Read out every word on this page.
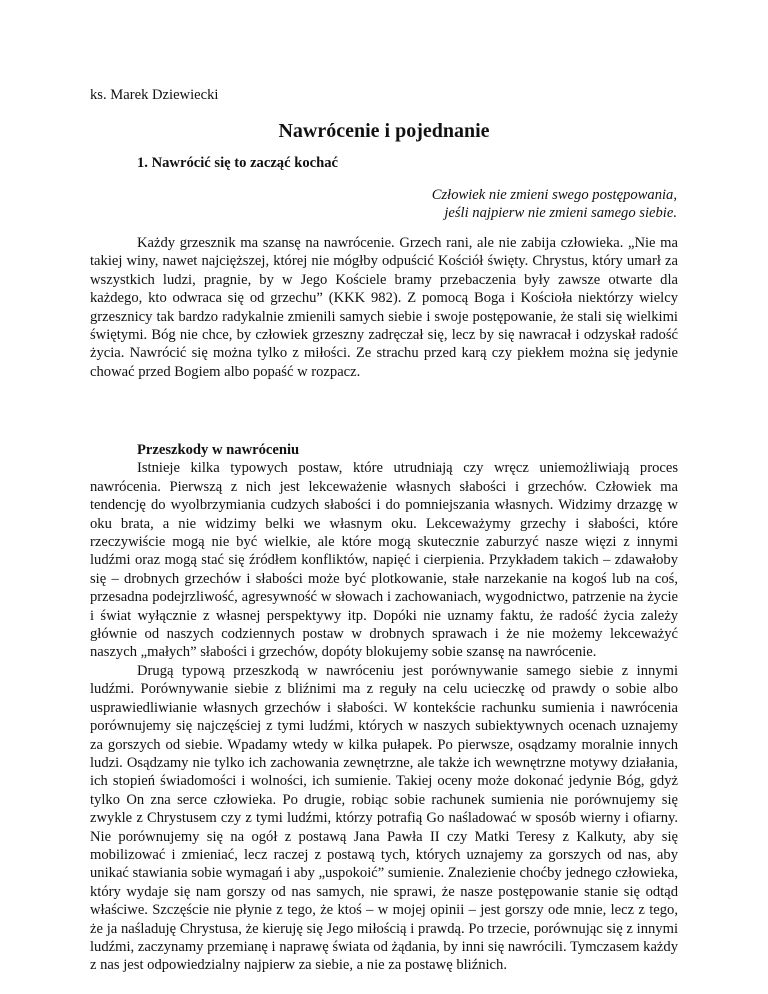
ks. Marek Dziewiecki
Nawrócenie i pojednanie
1. Nawrócić się to zacząć kochać
Człowiek nie zmieni swego postępowania,
jeśli najpierw nie zmieni samego siebie.

Każdy grzesznik ma szansę na nawrócenie. Grzech rani, ale nie zabija człowieka. „Nie ma takiej winy, nawet najcięższej, której nie mógłby odpuścić Kościół święty. Chrystus, który umarł za wszystkich ludzi, pragnie, by w Jego Kościele bramy przebaczenia były zawsze otwarte dla każdego, kto odwraca się od grzechu” (KKK 982). Z pomocą Boga i Kościoła niektórzy wielcy grzesznicy tak bardzo radykalnie zmienili samych siebie i swoje postępowanie, że stali się wielkimi świętymi. Bóg nie chce, by człowiek grzeszny zadręczał się, lecz by się nawracał i odzyskał radość życia. Nawrócić się można tylko z miłości. Ze strachu przed karą czy piekłem można się jedynie chować przed Bogiem albo popaść w rozpacz.

Przeszkody w nawróceniu

Istnieje kilka typowych postaw, które utrudniają czy wręcz uniemożliwiają proces nawrócenia. Pierwszą z nich jest lekceważenie własnych słabości i grzechów. Człowiek ma tendencję do wyolbrzymiania cudzych słabości i do pomniejszania własnych. Widzimy drzazgę w oku brata, a nie widzimy belki we własnym oku. Lekceważymy grzechy i słabości, które rzeczywiście mogą nie być wielkie, ale które mogą skutecznie zaburzyć nasze więzi z innymi ludźmi oraz mogą stać się źródłem konfliktów, napięć i cierpienia. Przykładem takich – zdawałoby się – drobnych grzechów i słabości może być plotkowanie, stałe narzekanie na kogoś lub na coś, przesadna podejrzliwość, agresywność w słowach i zachowaniach, wygodnictwo, patrzenie na życie i świat wyłącznie z własnej perspektywy itp. Dopóki nie uznamy faktu, że radość życia zależy głównie od naszych codziennych postaw w drobnych sprawach i że nie możemy lekceważyć naszych „małych” słabości i grzechów, dopóty blokujemy sobie szansę na nawrócenie.

Drugą typową przeszkodą w nawróceniu jest porównywanie samego siebie z innymi ludźmi. Porównywanie siebie z bliźnimi ma z reguły na celu ucieczkę od prawdy o sobie albo usprawiedliwianie własnych grzechów i słabości. W kontekście rachunku sumienia i nawrócenia porównujemy się najczęściej z tymi ludźmi, których w naszych subiektywnych ocenach uznajemy za gorszych od siebie. Wpadamy wtedy w kilka pułapek. Po pierwsze, osądzamy moralnie innych ludzi. Osądzamy nie tylko ich zachowania zewnętrzne, ale także ich wewnętrzne motywy działania, ich stopień świadomości i wolności, ich sumienie. Takiej oceny może dokonać jedynie Bóg, gdyż tylko On zna serce człowieka. Po drugie, robiąc sobie rachunek sumienia nie porównujemy się zwykle z Chrystusem czy z tymi ludźmi, którzy potrafią Go naśladować w sposób wierny i ofiarny. Nie porównujemy się na ogół z postawą Jana Pawła II czy Matki Teresy z Kalkuty, aby się mobilizować i zmieniać, lecz raczej z postawą tych, których uznajemy za gorszych od nas, aby unikać stawiania sobie wymagań i aby „uspokoić” sumienie. Znalezienie choćby jednego człowieka, który wydaje się nam gorszy od nas samych, nie sprawi, że nasze postępowanie stanie się odtąd właściwe. Szczęście nie płynie z tego, że ktoś – w mojej opinii – jest gorszy ode mnie, lecz z tego, że ja naśladuję Chrystusa, że kieruję się Jego miłością i prawdą. Po trzecie, porównując się z innymi ludźmi, zaczynamy przemianę i naprawę świata od żądania, by inni się nawrócili. Tymczasem każdy z nas jest odpowiedzialny najpierw za siebie, a nie za postawę bliźnich.
